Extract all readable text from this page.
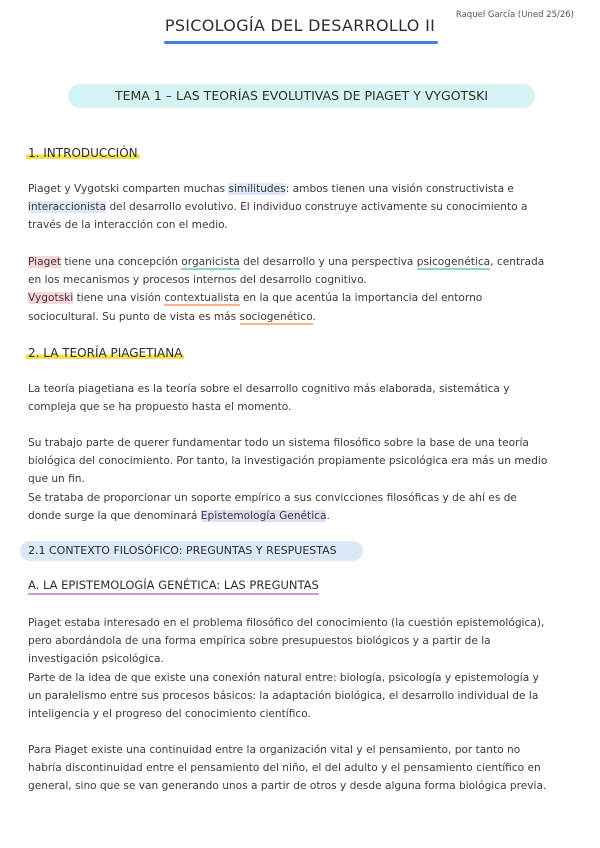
PSICOLOGÍA DEL DESARROLLO II
Raquel García (Uned 25/26)
TEMA 1 – LAS TEORÍAS EVOLUTIVAS DE PIAGET Y VYGOTSKI
1. INTRODUCCIÓN

Piaget y Vygotski comparten muchas similitudes: ambos tienen una visión constructivista e

interaccionista del desarrollo evolutivo. El individuo construye activamente su conocimiento a

través de la interacción con el medio.

Piaget tiene una concepción organicista del desarrollo y una perspectiva psicogenética, centrada

en los mecanismos y procesos internos del desarrollo cognitivo.

Vygotski tiene una visión contextualista en la que acentúa la importancia del entorno

sociocultural. Su punto de vista es más sociogenético.

2. LA TEORÍA PIAGETIANA

La teoría piagetiana es la teoría sobre el desarrollo cognitivo más elaborada, sistemática y

compleja que se ha propuesto hasta el momento.

Su trabajo parte de querer fundamentar todo un sistema filosófico sobre la base de una teoría

biológica del conocimiento. Por tanto, la investigación propiamente psicológica era más un medio

que un fin.

Se trataba de proporcionar un soporte empírico a sus convicciones filosóficas y de ahí es de

donde surge la que denominará Epistemología Genética.

2.1 CONTEXTO FILOSÓFICO: PREGUNTAS Y RESPUESTAS
A. LA EPISTEMOLOGÍA GENÉTICA: LAS PREGUNTAS

Piaget estaba interesado en el problema filosófico del conocimiento (la cuestión epistemológica),

pero abordándola de una forma empírica sobre presupuestos biológicos y a partir de la

investigación psicológica.

Parte de la idea de que existe una conexión natural entre: biología, psicología y epistemología y

un paralelismo entre sus procesos básicos: la adaptación biológica, el desarrollo individual de la

inteligencia y el progreso del conocimiento científico.

Para Piaget existe una continuidad entre la organización vital y el pensamiento, por tanto no

habría discontinuidad entre el pensamiento del niño, el del adulto y el pensamiento científico en

general, sino que se van generando unos a partir de otros y desde alguna forma biológica previa.
